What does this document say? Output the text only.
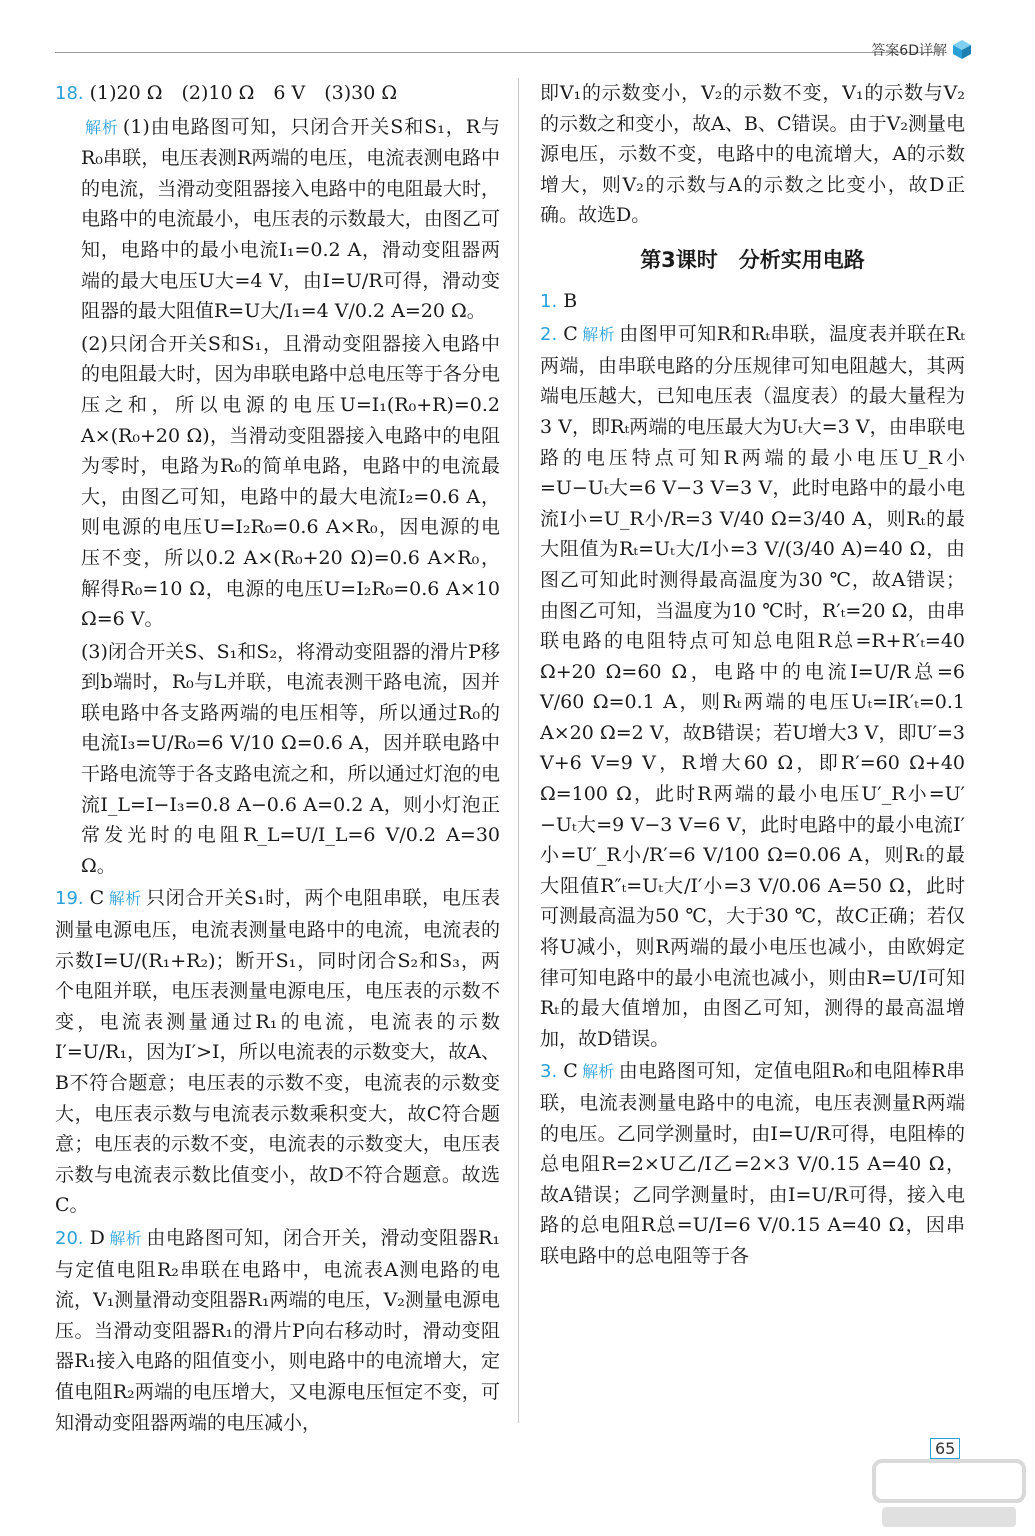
答案6D详解

18. (1)20 Ω　(2)10 Ω　6 V　(3)30 Ω

解析 (1)由电路图可知，只闭合开关S和S₁，R与R₀串联，电压表测R两端的电压，电流表测电路中的电流，当滑动变阻器接入电路中的电阻最大时，电路中的电流最小，电压表的示数最大，由图乙可知，电路中的最小电流I₁=0.2 A，滑动变阻器两端的最大电压U大=4 V，由I=U/R可得，滑动变阻器的最大阻值R=U大/I₁=4 V/0.2 A=20 Ω。

(2)只闭合开关S和S₁，且滑动变阻器接入电路中的电阻最大时，因为串联电路中总电压等于各分电压之和，所以电源的电压U=I₁(R₀+R)=0.2 A×(R₀+20 Ω)，当滑动变阻器接入电路中的电阻为零时，电路为R₀的简单电路，电路中的电流最大，由图乙可知，电路中的最大电流I₂=0.6 A，则电源的电压U=I₂R₀=0.6 A×R₀，因电源的电压不变，所以0.2 A×(R₀+20 Ω)=0.6 A×R₀，解得R₀=10 Ω，电源的电压U=I₂R₀=0.6 A×10 Ω=6 V。

(3)闭合开关S、S₁和S₂，将滑动变阻器的滑片P移到b端时，R₀与L并联，电流表测干路电流，因并联电路中各支路两端的电压相等，所以通过R₀的电流I₃=U/R₀=6 V/10 Ω=0.6 A，因并联电路中干路电流等于各支路电流之和，所以通过灯泡的电流I_L=I−I₃=0.8 A−0.6 A=0.2 A，则小灯泡正常发光时的电阻R_L=U/I_L=6 V/0.2 A=30 Ω。

19. C 解析 只闭合开关S₁时，两个电阻串联，电压表测量电源电压，电流表测量电路中的电流，电流表的示数I=U/(R₁+R₂)；断开S₁，同时闭合S₂和S₃，两个电阻并联，电压表测量电源电压，电压表的示数不变，电流表测量通过R₁的电流，电流表的示数I′=U/R₁，因为I′>I，所以电流表的示数变大，故A、B不符合题意；电压表的示数不变，电流表的示数变大，电压表示数与电流表示数乘积变大，故C符合题意；电压表的示数不变，电流表的示数变大，电压表示数与电流表示数比值变小，故D不符合题意。故选C。

20. D 解析 由电路图可知，闭合开关，滑动变阻器R₁与定值电阻R₂串联在电路中，电流表A测电路的电流，V₁测量滑动变阻器R₁两端的电压，V₂测量电源电压。当滑动变阻器R₁的滑片P向右移动时，滑动变阻器R₁接入电路的阻值变小，则电路中的电流增大，定值电阻R₂两端的电压增大，又电源电压恒定不变，可知滑动变阻器两端的电压减小，

即V₁的示数变小，V₂的示数不变，V₁的示数与V₂的示数之和变小，故A、B、C错误。由于V₂测量电源电压，示数不变，电路中的电流增大，A的示数增大，则V₂的示数与A的示数之比变小，故D正确。故选D。

第3课时　分析实用电路

1. B

2. C 解析 由图甲可知R和Rₜ串联，温度表并联在Rₜ两端，由串联电路的分压规律可知电阻越大，其两端电压越大，已知电压表（温度表）的最大量程为3 V，即Rₜ两端的电压最大为Uₜ大=3 V，由串联电路的电压特点可知R两端的最小电压U_R小=U−Uₜ大=6 V−3 V=3 V，此时电路中的最小电流I小=U_R小/R=3 V/40 Ω=3/40 A，则Rₜ的最大阻值为Rₜ=Uₜ大/I小=3 V/(3/40 A)=40 Ω，由图乙可知此时测得最高温度为30 ℃，故A错误；由图乙可知，当温度为10 ℃时，R′ₜ=20 Ω，由串联电路的电阻特点可知总电阻R总=R+R′ₜ=40 Ω+20 Ω=60 Ω，电路中的电流I=U/R总=6 V/60 Ω=0.1 A，则Rₜ两端的电压Uₜ=IR′ₜ=0.1 A×20 Ω=2 V，故B错误；若U增大3 V，即U′=3 V+6 V=9 V，R增大60 Ω，即R′=60 Ω+40 Ω=100 Ω，此时R两端的最小电压U′_R小=U′−Uₜ大=9 V−3 V=6 V，此时电路中的最小电流I′小=U′_R小/R′=6 V/100 Ω=0.06 A，则Rₜ的最大阻值R″ₜ=Uₜ大/I′小=3 V/0.06 A=50 Ω，此时可测最高温为50 ℃，大于30 ℃，故C正确；若仅将U减小，则R两端的最小电压也减小，由欧姆定律可知电路中的最小电流也减小，则由R=U/I可知Rₜ的最大值增加，由图乙可知，测得的最高温增加，故D错误。

3. C 解析 由电路图可知，定值电阻R₀和电阻棒R串联，电流表测量电路中的电流，电压表测量R两端的电压。乙同学测量时，由I=U/R可得，电阻棒的总电阻R=2×U乙/I乙=2×3 V/0.15 A=40 Ω，故A错误；乙同学测量时，由I=U/R可得，接入电路的总电阻R总=U/I=6 V/0.15 A=40 Ω，因串联电路中的总电阻等于各

65
